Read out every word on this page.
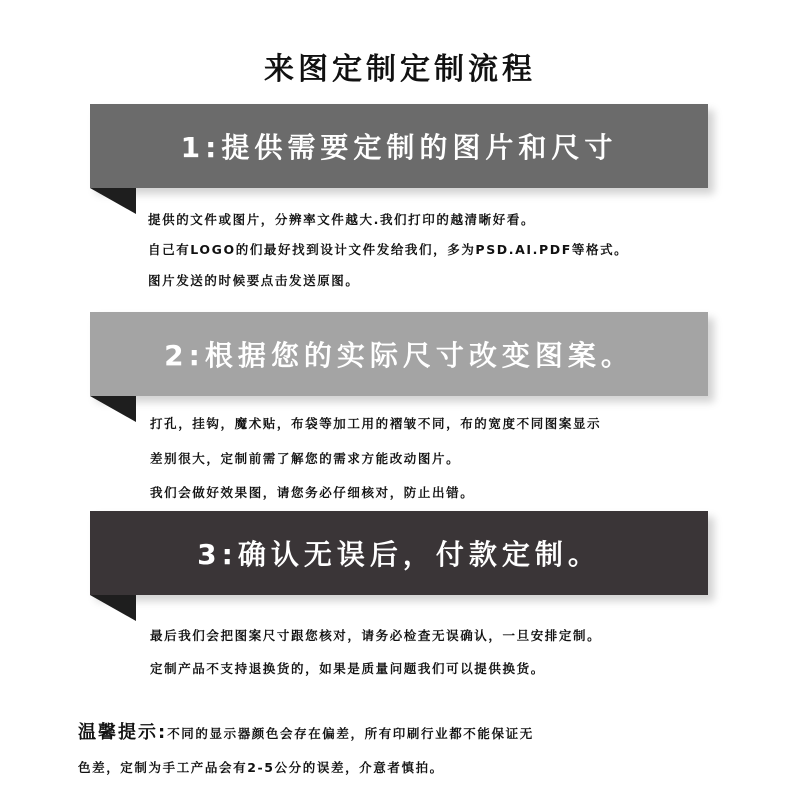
来图定制定制流程
1:提供需要定制的图片和尺寸
提供的文件或图片，分辨率文件越大.我们打印的越清晰好看。
自己有LOGO的们最好找到设计文件发给我们，多为PSD.AI.PDF等格式。
图片发送的时候要点击发送原图。
2:根据您的实际尺寸改变图案。
打孔，挂钩，魔术贴，布袋等加工用的褶皱不同，布的宽度不同图案显示
差别很大，定制前需了解您的需求方能改动图片。
我们会做好效果图，请您务必仔细核对，防止出错。
3:确认无误后，付款定制。
最后我们会把图案尺寸跟您核对，请务必检查无误确认，一旦安排定制。
定制产品不支持退换货的，如果是质量问题我们可以提供换货。
温馨提示:不同的显示器颜色会存在偏差，所有印刷行业都不能保证无
色差，定制为手工产品会有2-5公分的误差，介意者慎拍。
